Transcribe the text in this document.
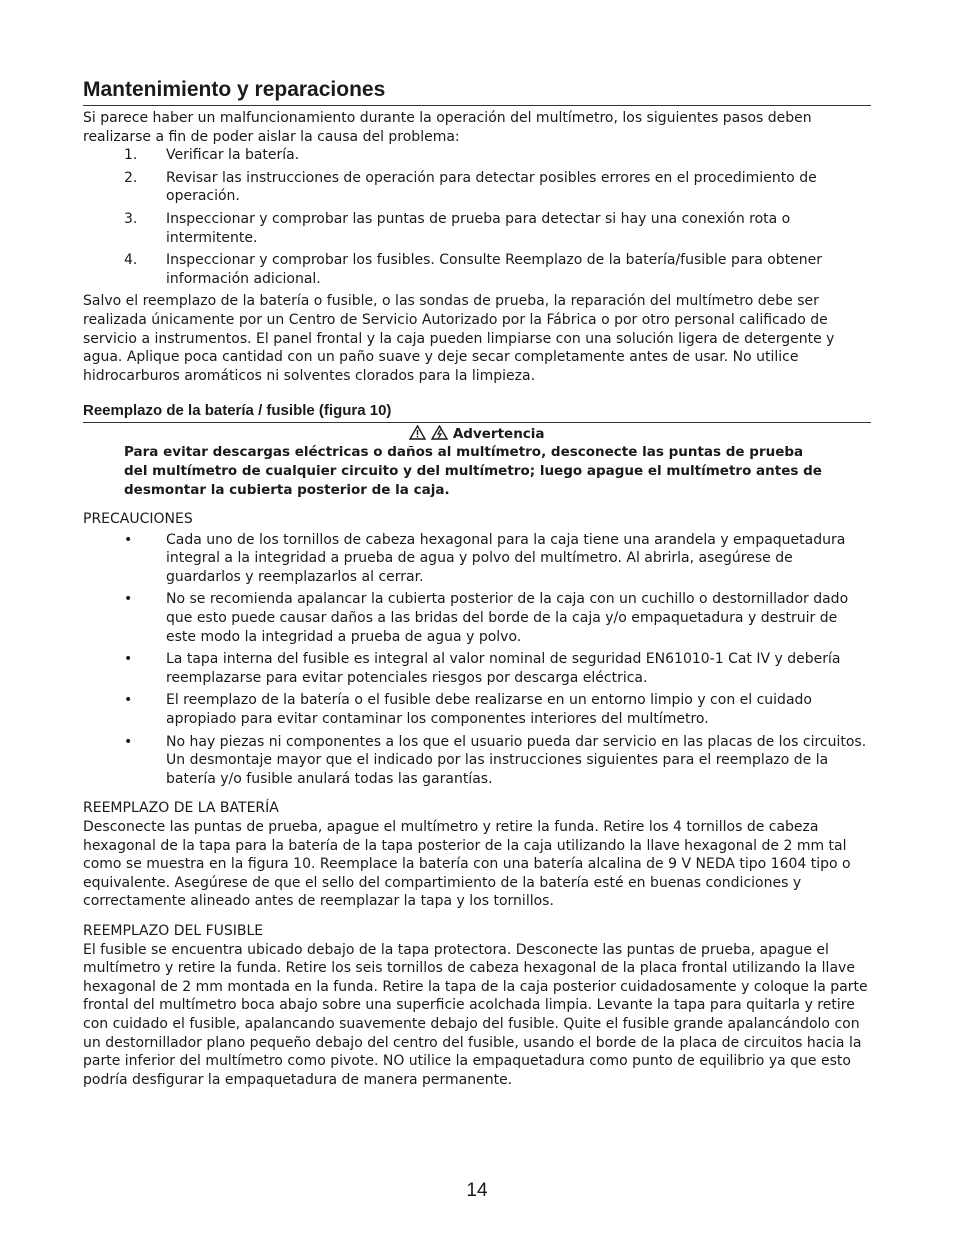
Mantenimiento y reparaciones

Si parece haber un malfuncionamiento durante la operación del multímetro, los siguientes pasos deben realizarse a fin de poder aislar la causa del problema:

1. Verificar la batería.
2. Revisar las instrucciones de operación para detectar posibles errores en el procedimiento de operación.
3. Inspeccionar y comprobar las puntas de prueba para detectar si hay una conexión rota o intermitente.
4. Inspeccionar y comprobar los fusibles. Consulte Reemplazo de la batería/fusible para obtener información adicional.

Salvo el reemplazo de la batería o fusible, o las sondas de prueba, la reparación del multímetro debe ser realizada únicamente por un Centro de Servicio Autorizado por la Fábrica o por otro personal calificado de servicio a instrumentos. El panel frontal y la caja pueden limpiarse con una solución ligera de detergente y agua. Aplique poca cantidad con un paño suave y deje secar completamente antes de usar. No utilice hidrocarburos aromáticos ni solventes clorados para la limpieza.

Reemplazo de la batería / fusible (figura 10)
Advertencia
Para evitar descargas eléctricas o daños al multímetro, desconecte las puntas de prueba del multímetro de cualquier circuito y del multímetro; luego apague el multímetro antes de desmontar la cubierta posterior de la caja.
PRECAUCIONES
• Cada uno de los tornillos de cabeza hexagonal para la caja tiene una arandela y empaquetadura integral a la integridad a prueba de agua y polvo del multímetro. Al abrirla, asegúrese de guardarlos y reemplazarlos al cerrar.
• No se recomienda apalancar la cubierta posterior de la caja con un cuchillo o destornillador dado que esto puede causar daños a las bridas del borde de la caja y/o empaquetadura y destruir de este modo la integridad a prueba de agua y polvo.
• La tapa interna del fusible es integral al valor nominal de seguridad EN61010-1 Cat IV y debería reemplazarse para evitar potenciales riesgos por descarga eléctrica.
• El reemplazo de la batería o el fusible debe realizarse en un entorno limpio y con el cuidado apropiado para evitar contaminar los componentes interiores del multímetro.
• No hay piezas ni componentes a los que el usuario pueda dar servicio en las placas de los circuitos. Un desmontaje mayor que el indicado por las instrucciones siguientes para el reemplazo de la batería y/o fusible anulará todas las garantías.
REEMPLAZO DE LA BATERÍA

Desconecte las puntas de prueba, apague el multímetro y retire la funda. Retire los 4 tornillos de cabeza hexagonal de la tapa para la batería de la tapa posterior de la caja utilizando la llave hexagonal de 2 mm tal como se muestra en la figura 10. Reemplace la batería con una batería alcalina de 9 V NEDA tipo 1604 tipo o equivalente. Asegúrese de que el sello del compartimiento de la batería esté en buenas condiciones y correctamente alineado antes de reemplazar la tapa y los tornillos.

REEMPLAZO DEL FUSIBLE

El fusible se encuentra ubicado debajo de la tapa protectora. Desconecte las puntas de prueba, apague el multímetro y retire la funda. Retire los seis tornillos de cabeza hexagonal de la placa frontal utilizando la llave hexagonal de 2 mm montada en la funda. Retire la tapa de la caja posterior cuidadosamente y coloque la parte frontal del multímetro boca abajo sobre una superficie acolchada limpia. Levante la tapa para quitarla y retire con cuidado el fusible, apalancando suavemente debajo del fusible. Quite el fusible grande apalancándolo con un destornillador plano pequeño debajo del centro del fusible, usando el borde de la placa de circuitos hacia la parte inferior del multímetro como pivote. NO utilice la empaquetadura como punto de equilibrio ya que esto podría desfigurar la empaquetadura de manera permanente.

14
